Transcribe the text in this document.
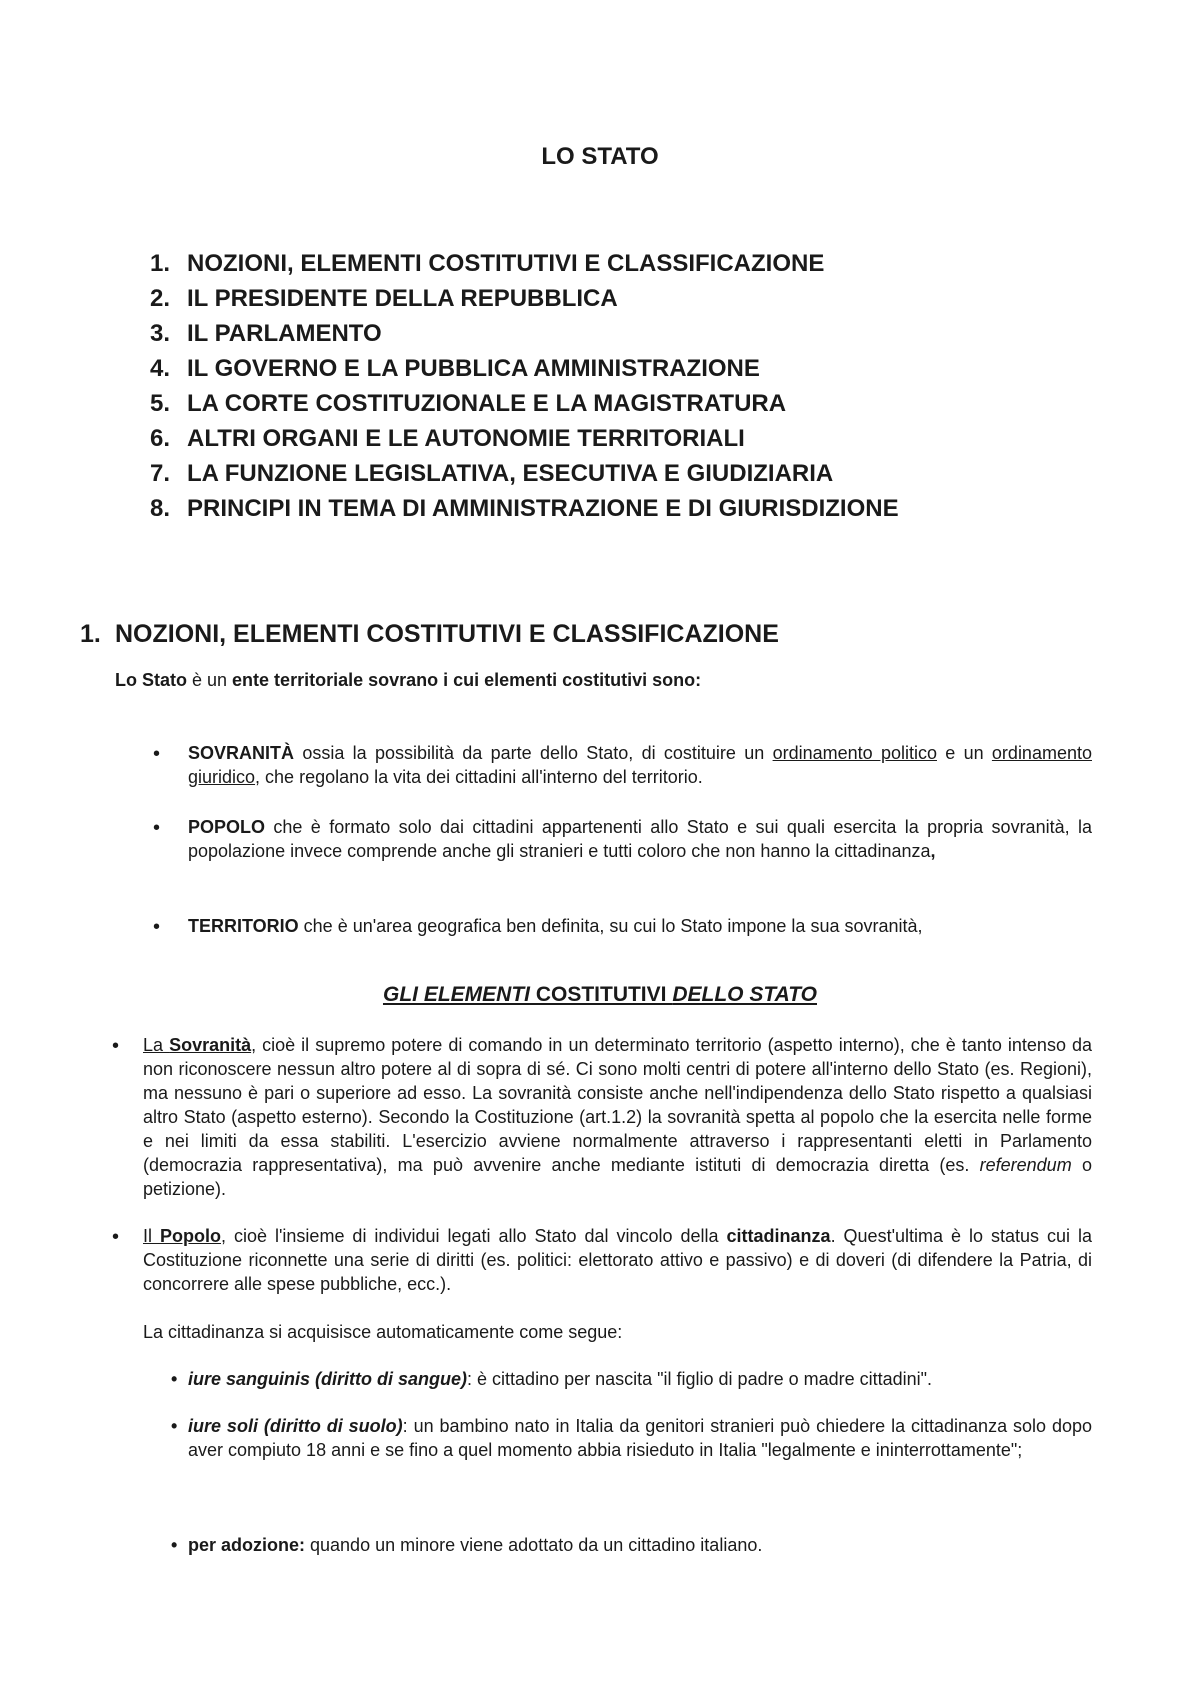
LO STATO
1. NOZIONI, ELEMENTI COSTITUTIVI E CLASSIFICAZIONE
2. IL PRESIDENTE DELLA REPUBBLICA
3. IL PARLAMENTO
4. IL GOVERNO E LA PUBBLICA AMMINISTRAZIONE
5. LA CORTE COSTITUZIONALE E LA MAGISTRATURA
6. ALTRI ORGANI E LE AUTONOMIE TERRITORIALI
7. LA FUNZIONE LEGISLATIVA, ESECUTIVA E GIUDIZIARIA
8. PRINCIPI IN TEMA DI AMMINISTRAZIONE E DI GIURISDIZIONE
1. NOZIONI, ELEMENTI COSTITUTIVI E CLASSIFICAZIONE

Lo Stato è un ente territoriale sovrano i cui elementi costitutivi sono:

• SOVRANITÀ ossia la possibilità da parte dello Stato, di costituire un ordinamento politico e un ordinamento giuridico, che regolano la vita dei cittadini all'interno del territorio.

• POPOLO che è formato solo dai cittadini appartenenti allo Stato e sui quali esercita la propria sovranità, la popolazione invece comprende anche gli stranieri e tutti coloro che non hanno la cittadinanza,

• TERRITORIO che è un'area geografica ben definita, su cui lo Stato impone la sua sovranità,

GLI ELEMENTI COSTITUTIVI DELLO STATO
• La Sovranità, cioè il supremo potere di comando in un determinato territorio (aspetto interno), che è tanto intenso da non riconoscere nessun altro potere al di sopra di sé. Ci sono molti centri di potere all'interno dello Stato (es. Regioni), ma nessuno è pari o superiore ad esso. La sovranità consiste anche nell'indipendenza dello Stato rispetto a qualsiasi altro Stato (aspetto esterno). Secondo la Costituzione (art.1.2) la sovranità spetta al popolo che la esercita nelle forme e nei limiti da essa stabiliti. L'esercizio avviene normalmente attraverso i rappresentanti eletti in Parlamento (democrazia rappresentativa), ma può avvenire anche mediante istituti di democrazia diretta (es. referendum o petizione).

• Il Popolo, cioè l'insieme di individui legati allo Stato dal vincolo della cittadinanza. Quest'ultima è lo status cui la Costituzione riconnette una serie di diritti (es. politici: elettorato attivo e passivo) e di doveri (di difendere la Patria, di concorrere alle spese pubbliche, ecc.).

La cittadinanza si acquisisce automaticamente come segue:

• iure sanguinis (diritto di sangue): è cittadino per nascita "il figlio di padre o madre cittadini".

• iure soli (diritto di suolo): un bambino nato in Italia da genitori stranieri può chiedere la cittadinanza solo dopo aver compiuto 18 anni e se fino a quel momento abbia risieduto in Italia "legalmente e ininterrottamente";

• per adozione: quando un minore viene adottato da un cittadino italiano.
